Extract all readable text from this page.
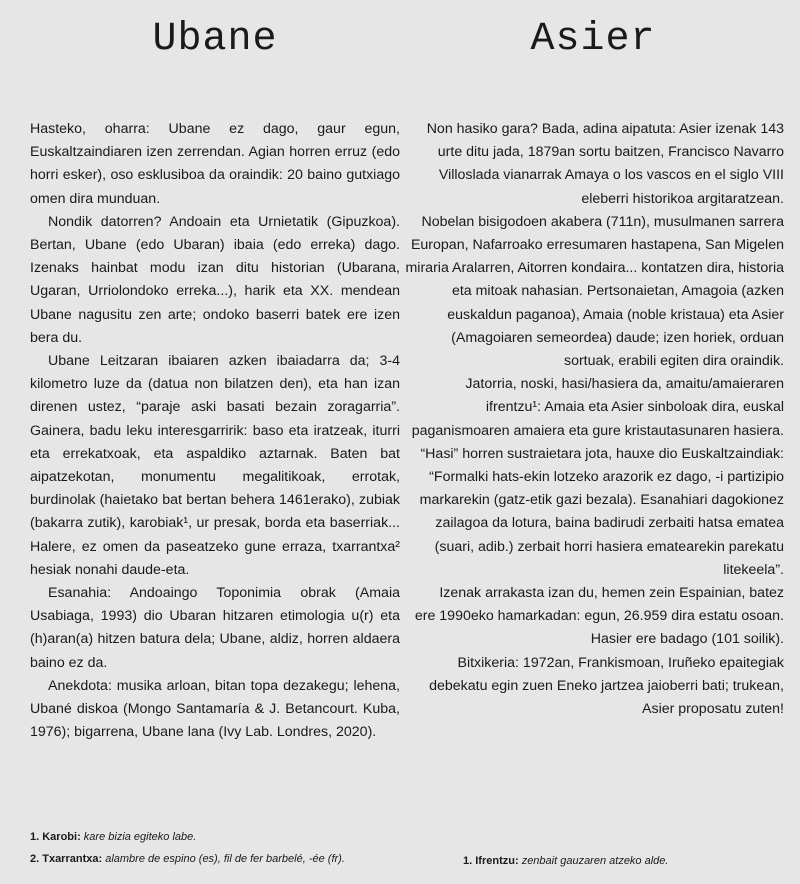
Ubane

Hasteko, oharra: Ubane ez dago, gaur egun, Euskaltzaindiaren izen zerrendan. Agian horren erruz (edo horri esker), oso esklusiboa da oraindik: 20 baino gutxiago omen dira munduan.

Nondik datorren? Andoain eta Urnietatik (Gipuzkoa). Bertan, Ubane (edo Ubaran) ibaia (edo erreka) dago. Izenaks hainbat modu izan ditu historian (Ubarana, Ugaran, Urriolondoko erreka...), harik eta XX. mendean Ubane nagusitu zen arte; ondoko baserri batek ere izen bera du.

Ubane Leitzaran ibaiaren azken ibaiadarra da; 3-4 kilometro luze da (datua non bilatzen den), eta han izan direnen ustez, “paraje aski basati bezain zoragarria”. Gainera, badu leku interesgarririk: baso eta iratzeak, iturri eta errekatxoak, eta aspaldiko aztarnak. Baten bat aipatzekotan, monumentu megalitikoak, errotak, burdinolak (haietako bat bertan behera 1461erako), zubiak (bakarra zutik), karobiak¹, ur presak, borda eta baserriak... Halere, ez omen da paseatzeko gune erraza, txarrantxa² hesiak nonahi daude-eta.

Esanahia: Andoaingo Toponimia obrak (Amaia Usabiaga, 1993) dio Ubaran hitzaren etimologia u(r) eta (h)aran(a) hitzen batura dela; Ubane, aldiz, horren aldaera baino ez da.

Anekdota: musika arloan, bitan topa dezakegu; lehena, Ubané diskoa (Mongo Santamaría & J. Betancourt. Kuba, 1976); bigarrena, Ubane lana (Ivy Lab. Londres, 2020).

Asier

Non hasiko gara? Bada, adina aipatuta: Asier izenak 143 urte ditu jada, 1879an sortu baitzen, Francisco Navarro Villoslada vianarrak Amaya o los vascos en el siglo VIII eleberri historikoa argitaratzean.

Nobelan bisigodoen akabera (711n), musulmanen sarrera Europan, Nafarroako erresumaren hastapena, San Migelen miraria Aralarren, Aitorren kondaira... kontatzen dira, historia eta mitoak nahasian. Pertsonaietan, Amagoia (azken euskaldun paganoa), Amaia (noble kristaua) eta Asier (Amagoiaren semeordea) daude; izen horiek, orduan sortuak, erabili egiten dira oraindik.

Jatorria, noski, hasi/hasiera da, amaitu/amaieraren ifrentzu¹: Amaia eta Asier sinboloak dira, euskal paganismoaren amaiera eta gure kristautasunaren hasiera. “Hasi” horren sustraietara jota, hauxe dio Euskaltzaindiak: “Formalki hats-ekin lotzeko arazorik ez dago, -i partizipio markarekin (gatz-etik gazi bezala). Esanahiari dagokionez zailagoa da lotura, baina badirudi zerbaiti hatsa ematea (suari, adib.) zerbait horri hasiera ematearekin parekatu litekeela”.

Izenak arrakasta izan du, hemen zein Espainian, batez ere 1990eko hamarkadan: egun, 26.959 dira estatu osoan. Hasier ere badago (101 soilik).

Bitxikeria: 1972an, Frankismoan, Iruñeko epaitegiak debekatu egin zuen Eneko jartzea jaioberri bati; trukean, Asier proposatu zuten!

1. Karobi: kare bizia egiteko labe.
2. Txarrantxa: alambre de espino (es), fil de fer barbelé, -ée (fr).	1. Ifrentzu: zenbait gauzaren atzeko alde.
